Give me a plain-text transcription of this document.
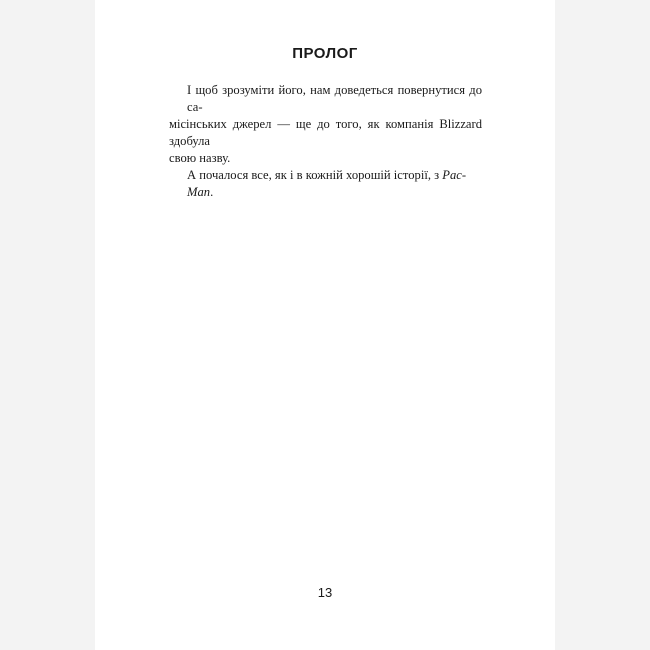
ПРОЛОГ
І щоб зрозуміти його, нам доведеться повернутися до са-
місінських джерел — ще до того, як компанія Blizzard здобула
свою назву.
А почалося все, як і в кожній хорошій історії, з Pac-Man.
13
